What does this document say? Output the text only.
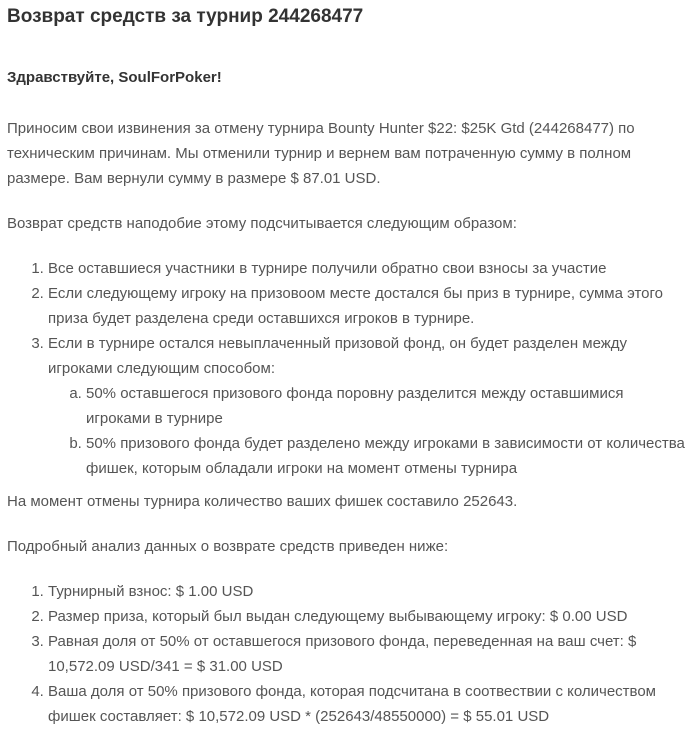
Возврат средств за турнир 244268477

Здравствуйте, SoulForPoker!

Приносим свои извинения за отмену турнира Bounty Hunter $22: $25K Gtd (244268477) по техническим причинам. Мы отменили турнир и вернем вам потраченную сумму в полном размере. Вам вернули сумму в размере $ 87.01 USD.

Возврат средств наподобие этому подсчитывается следующим образом:

1. Все оставшиеся участники в турнире получили обратно свои взносы за участие
2. Если следующему игроку на призовоом месте достался бы приз в турнире, сумма этого приза будет разделена среди оставшихся игроков в турнире.
3. Если в турнире остался невыплаченный призовой фонд, он будет разделен между игроками следующим способом:
a. 50% оставшегося призового фонда поровну разделится между оставшимися игроками в турнире
b. 50% призового фонда будет разделено между игроками в зависимости от количества фишек, которым обладали игроки на момент отмены турнира

На момент отмены турнира количество ваших фишек составило 252643.

Подробный анализ данных о возврате средств приведен ниже:

1. Турнирный взнос: $ 1.00 USD
2. Размер приза, который был выдан следующему выбывающему игроку: $ 0.00 USD
3. Равная доля от 50% от оставшегося призового фонда, переведенная на ваш счет: $ 10,572.09 USD/341 = $ 31.00 USD
4. Ваша доля от 50% призового фонда, которая подсчитана в соотвествии с количеством фишек составляет: $ 10,572.09 USD * (252643/48550000) = $ 55.01 USD
